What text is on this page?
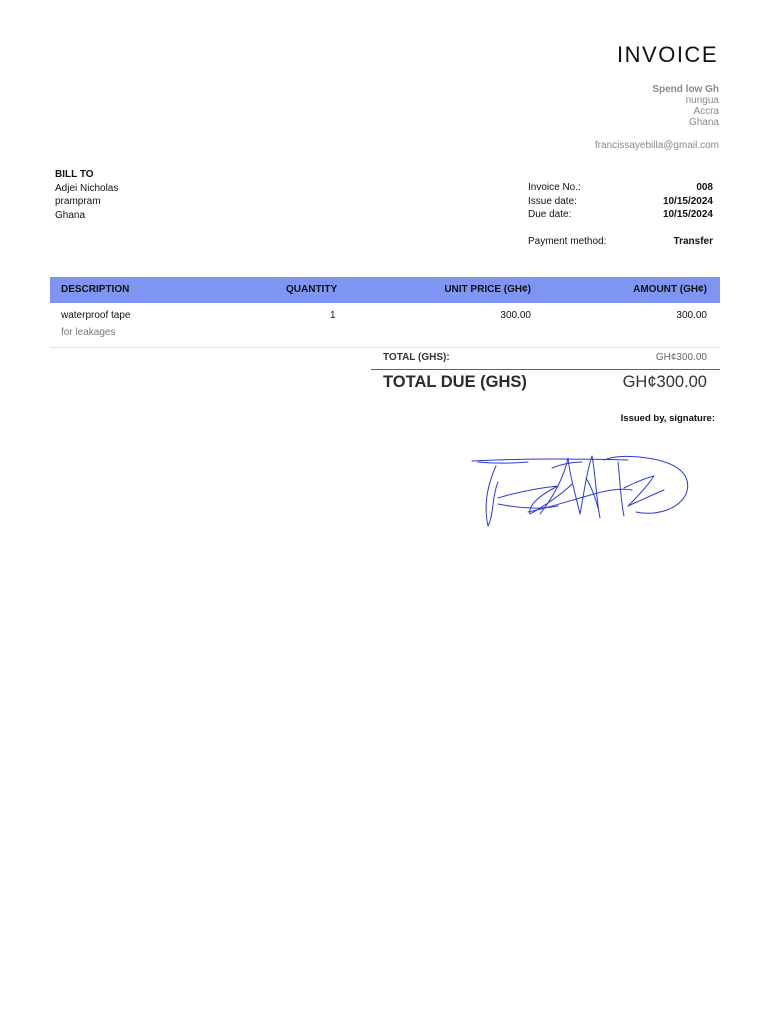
INVOICE
Spend low Gh
nungua
Accra
Ghana
francissayebilla@gmail.com
BILL TO
Adjei Nicholas
prampram
Ghana
Invoice No.:	008
Issue date:	10/15/2024
Due date:	10/15/2024
Payment method:	Transfer
DESCRIPTION	QUANTITY	UNIT PRICE (GH¢)	AMOUNT (GH¢)
waterproof tape	1	300.00	300.00
for leakages
TOTAL (GHS):	GH¢300.00
TOTAL DUE (GHS)	GH¢300.00
Issued by, signature:
